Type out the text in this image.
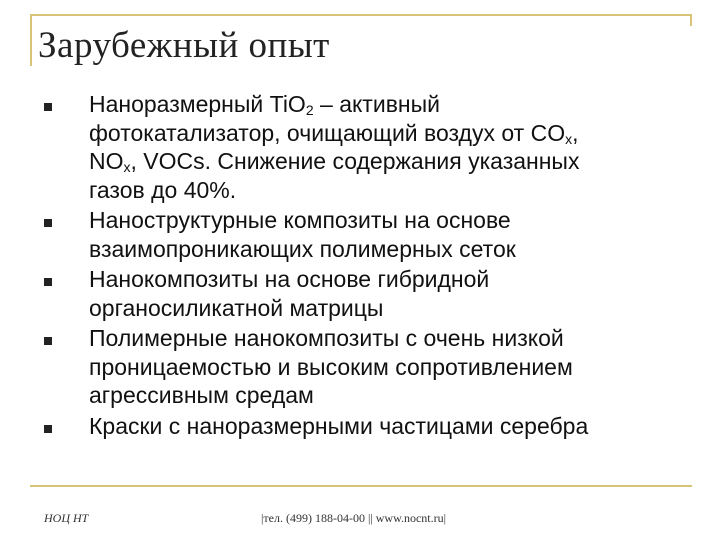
Зарубежный опыт
Наноразмерный TiO$_2$ – активный
фотокатализатор, очищающий воздух от $CO_x$,
$NO_x$, VOCs. Снижение содержания указанных
газов до 40%.
Наноструктурные композиты на основе
взаимопроникающих полимерных сеток
Нанокомпозиты на основе гибридной
органосиликатной матрицы
Полимерные нанокомпозиты с очень низкой
проницаемостью и высоким сопротивлением
агрессивным средам
Краски с наноразмерными частицами серебра
НОЦ НТ	|тел. (499) 188-04-00 || www.nocnt.ru|
